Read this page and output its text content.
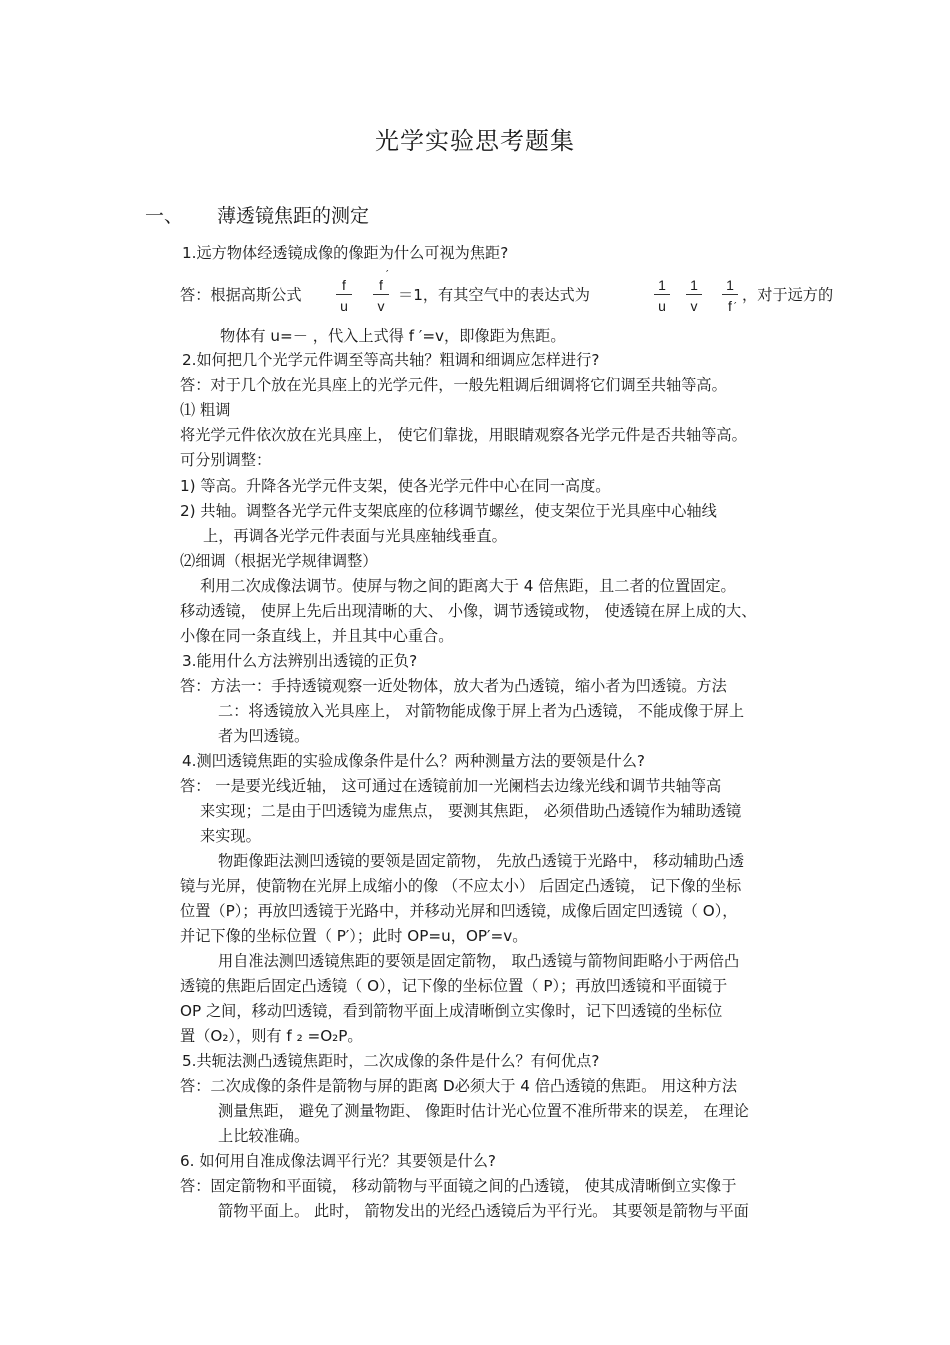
光学实验思考题集
一、 薄透镜焦距的测定
1.远方物体经透镜成像的像距为什么可视为焦距?
答：根据高斯公式 $\frac{f}{u} \frac{f}{v}$
′
＝1，有其空气中的表达式为	$\frac{1}{u} \frac{1}{v} \frac{1}{f}$
′
，对于远方的
物体有 u=－ ，代入上式得 f ′=v，即像距为焦距。
2.如何把几个光学元件调至等高共轴？粗调和细调应怎样进行?
答：对于几个放在光具座上的光学元件，一般先粗调后细调将它们调至共轴等高。
⑴ 粗调
将光学元件依次放在光具座上， 使它们靠拢，用眼睛观察各光学元件是否共轴等高。
可分别调整：
1) 等高。升降各光学元件支架，使各光学元件中心在同一高度。
2) 共轴。调整各光学元件支架底座的位移调节螺丝，使支架位于光具座中心轴线
上，再调各光学元件表面与光具座轴线垂直。
⑵细调（根据光学规律调整）
利用二次成像法调节。使屏与物之间的距离大于 4 倍焦距，且二者的位置固定。
移动透镜， 使屏上先后出现清晰的大、 小像，调节透镜或物， 使透镜在屏上成的大、
小像在同一条直线上，并且其中心重合。
3.能用什么方法辨别出透镜的正负?
答：方法一：手持透镜观察一近处物体，放大者为凸透镜，缩小者为凹透镜。方法
二：将透镜放入光具座上， 对箭物能成像于屏上者为凸透镜， 不能成像于屏上
者为凹透镜。
4.测凹透镜焦距的实验成像条件是什么？两种测量方法的要领是什么?
答： 一是要光线近轴， 这可通过在透镜前加一光阑档去边缘光线和调节共轴等高
来实现；二是由于凹透镜为虚焦点， 要测其焦距， 必须借助凸透镜作为辅助透镜
来实现。
物距像距法测凹透镜的要领是固定箭物， 先放凸透镜于光路中， 移动辅助凸透
镜与光屏，使箭物在光屏上成缩小的像 （不应太小） 后固定凸透镜， 记下像的坐标
位置（P）；再放凹透镜于光路中，并移动光屏和凹透镜，成像后固定凹透镜（ O），
并记下像的坐标位置（ P′）；此时 OP=u，OP′=v。
用自准法测凹透镜焦距的要领是固定箭物， 取凸透镜与箭物间距略小于两倍凸
透镜的焦距后固定凸透镜（ O），记下像的坐标位置（ P）；再放凹透镜和平面镜于
OP 之间，移动凹透镜，看到箭物平面上成清晰倒立实像时，记下凹透镜的坐标位
置（O₂），则有 f ₂ =O₂P。
5.共轭法测凸透镜焦距时，二次成像的条件是什么？有何优点?
答：二次成像的条件是箭物与屏的距离 D必须大于 4 倍凸透镜的焦距。 用这种方法
测量焦距， 避免了测量物距、 像距时估计光心位置不准所带来的误差， 在理论
上比较准确。
6. 如何用自准成像法调平行光？其要领是什么?
答：固定箭物和平面镜， 移动箭物与平面镜之间的凸透镜， 使其成清晰倒立实像于
箭物平面上。 此时， 箭物发出的光经凸透镜后为平行光。 其要领是箭物与平面
